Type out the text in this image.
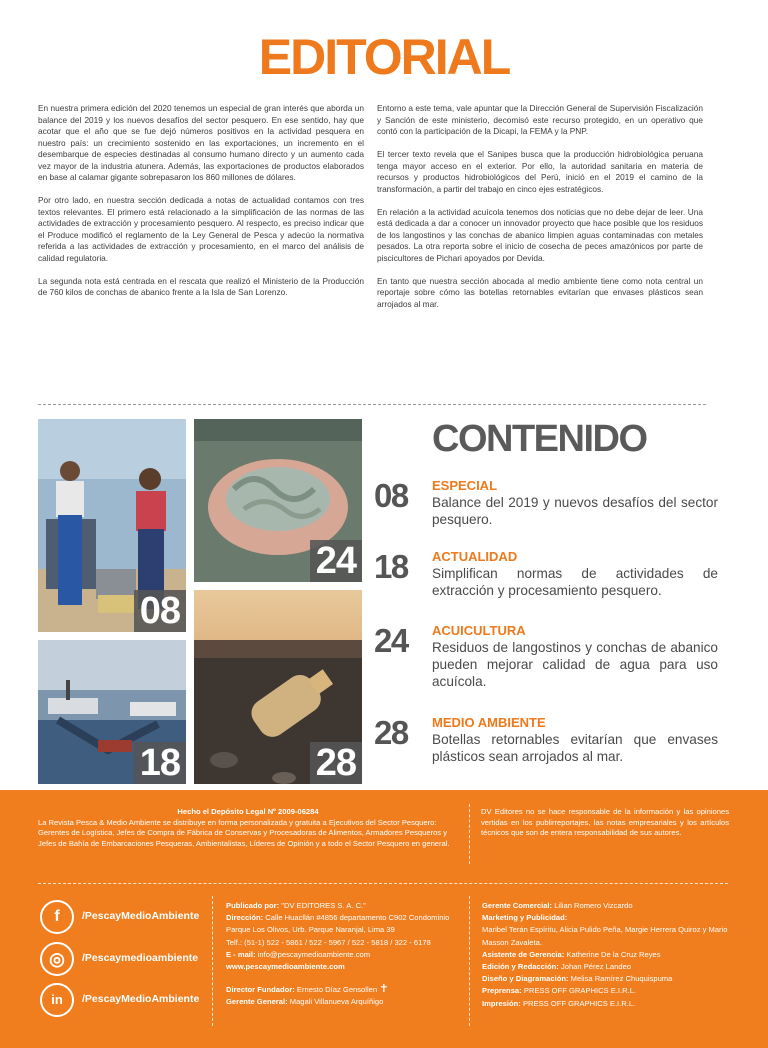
EDITORIAL

En nuestra primera edición del 2020 tenemos un especial de gran interés que aborda un balance del 2019 y los nuevos desafíos del sector pesquero. En ese sentido, hay que acotar que el año que se fue dejó números positivos en la actividad pesquera en nuestro país: un crecimiento sostenido en las exportaciones, un incremento en el desembarque de especies destinadas al consumo humano directo y un aumento cada vez mayor de la industria atunera. Además, las exportaciones de productos elaborados en base al calamar gigante sobrepasaron los 860 millones de dólares.

Por otro lado, en nuestra sección dedicada a notas de actualidad contamos con tres textos relevantes. El primero está relacionado a la simplificación de las normas de las actividades de extracción y procesamiento pesquero. Al respecto, es preciso indicar que el Produce modificó el reglamento de la Ley General de Pesca y adecúo la normativa referida a las actividades de extracción y procesamiento, en el marco del análisis de calidad regulatoria.

La segunda nota está centrada en el rescata que realizó el Ministerio de la Producción de 760 kilos de conchas de abanico frente a la Isla de San Lorenzo.

Entorno a este tema, vale apuntar que la Dirección General de Supervisión Fiscalización y Sanción de este ministerio, decomisó este recurso protegido, en un operativo que contó con la participación de la Dicapi, la FEMA y la PNP.

El tercer texto revela que el Sanipes busca que la producción hidrobiológica peruana tenga mayor acceso en el exterior. Por ello, la autoridad sanitaria en materia de recursos y productos hidrobiológicos del Perú, inició en el 2019 el camino de la transformación, a partir del trabajo en cinco ejes estratégicos.

En relación a la actividad acuícola tenemos dos noticias que no debe dejar de leer. Una está dedicada a dar a conocer un innovador proyecto que hace posible que los residuos de los langostinos y las conchas de abanico limpien aguas contaminadas con metales pesados. La otra reporta sobre el inicio de cosecha de peces amazónicos por parte de piscicultores de Pichari apoyados por Devida.

En tanto que nuestra sección abocada al medio ambiente tiene como nota central un reportaje sobre cómo las botellas retornables evitarían que envases plásticos sean arrojados al mar.

08
24
18	28
CONTENIDO
08 ESPECIAL
Balance del 2019 y nuevos desafíos del sector pesquero.
18 ACTUALIDAD
Simplifican normas de actividades de extracción y procesamiento pesquero.
24 ACUICULTURA
Residuos de langostinos y conchas de abanico pueden mejorar calidad de agua para uso acuícola.
28 MEDIO AMBIENTE
Botellas retornables evitarían que envases plásticos sean arrojados al mar.
Hecho el Depósito Legal Nº 2009-06284
La Revista Pesca & Medio Ambiente se distribuye en forma personalizada y gratuita a Ejecutivos del Sector Pesquero: Gerentes de Logística, Jefes de Compra de Fábrica de Conservas y Procesadoras de Alimentos, Armadores Pesqueros y Jefes de Bahía de Embarcaciones Pesqueras, Ambientalistas, Líderes de Opinión y a todo el Sector Pesquero en general.
DV Editores no se hace responsable de la información y las opiniones vertidas en los publirreportajes, las notas empresariales y los artículos técnicos que son de entera responsabilidad de sus autores.
f	/PescayMedioAmbiente
◎	/Pescaymedioambiente
in	/PescayMedioAmbiente
Publicado por: "DV EDITORES S. A. C."
Dirección: Calle Huacllán #4856 departamento C902 Condominio Parque Los Olivos, Urb. Parque Naranjal, Lima 39
Telf.: (51-1) 522 - 5861 / 522 - 5967 / 522 - 5818 / 322 - 6178
E - mail: info@pescaymedioambiente.com
www.pescaymedioambiente.com
Director Fundador: Ernesto Díaz Gensollen ✝
Gerente General: Magali Villanueva Arquíñigo
Gerente Comercial: Lilian Romero Vizcardo
Marketing y Publicidad:
Maribel Terán Espíritu, Alicia Pulido Peña, Margie Herrera Quiroz y Mario Masson Zavaleta.
Asistente de Gerencia: Katherine De la Cruz Reyes
Edición y Redacción: Johan Pérez Landeo
Diseño y Diagramación: Melisa Ramírez Chuquispuma
Preprensa: PRESS OFF GRAPHICS E.I.R.L.
Impresión: PRESS OFF GRAPHICS E.I.R.L.
